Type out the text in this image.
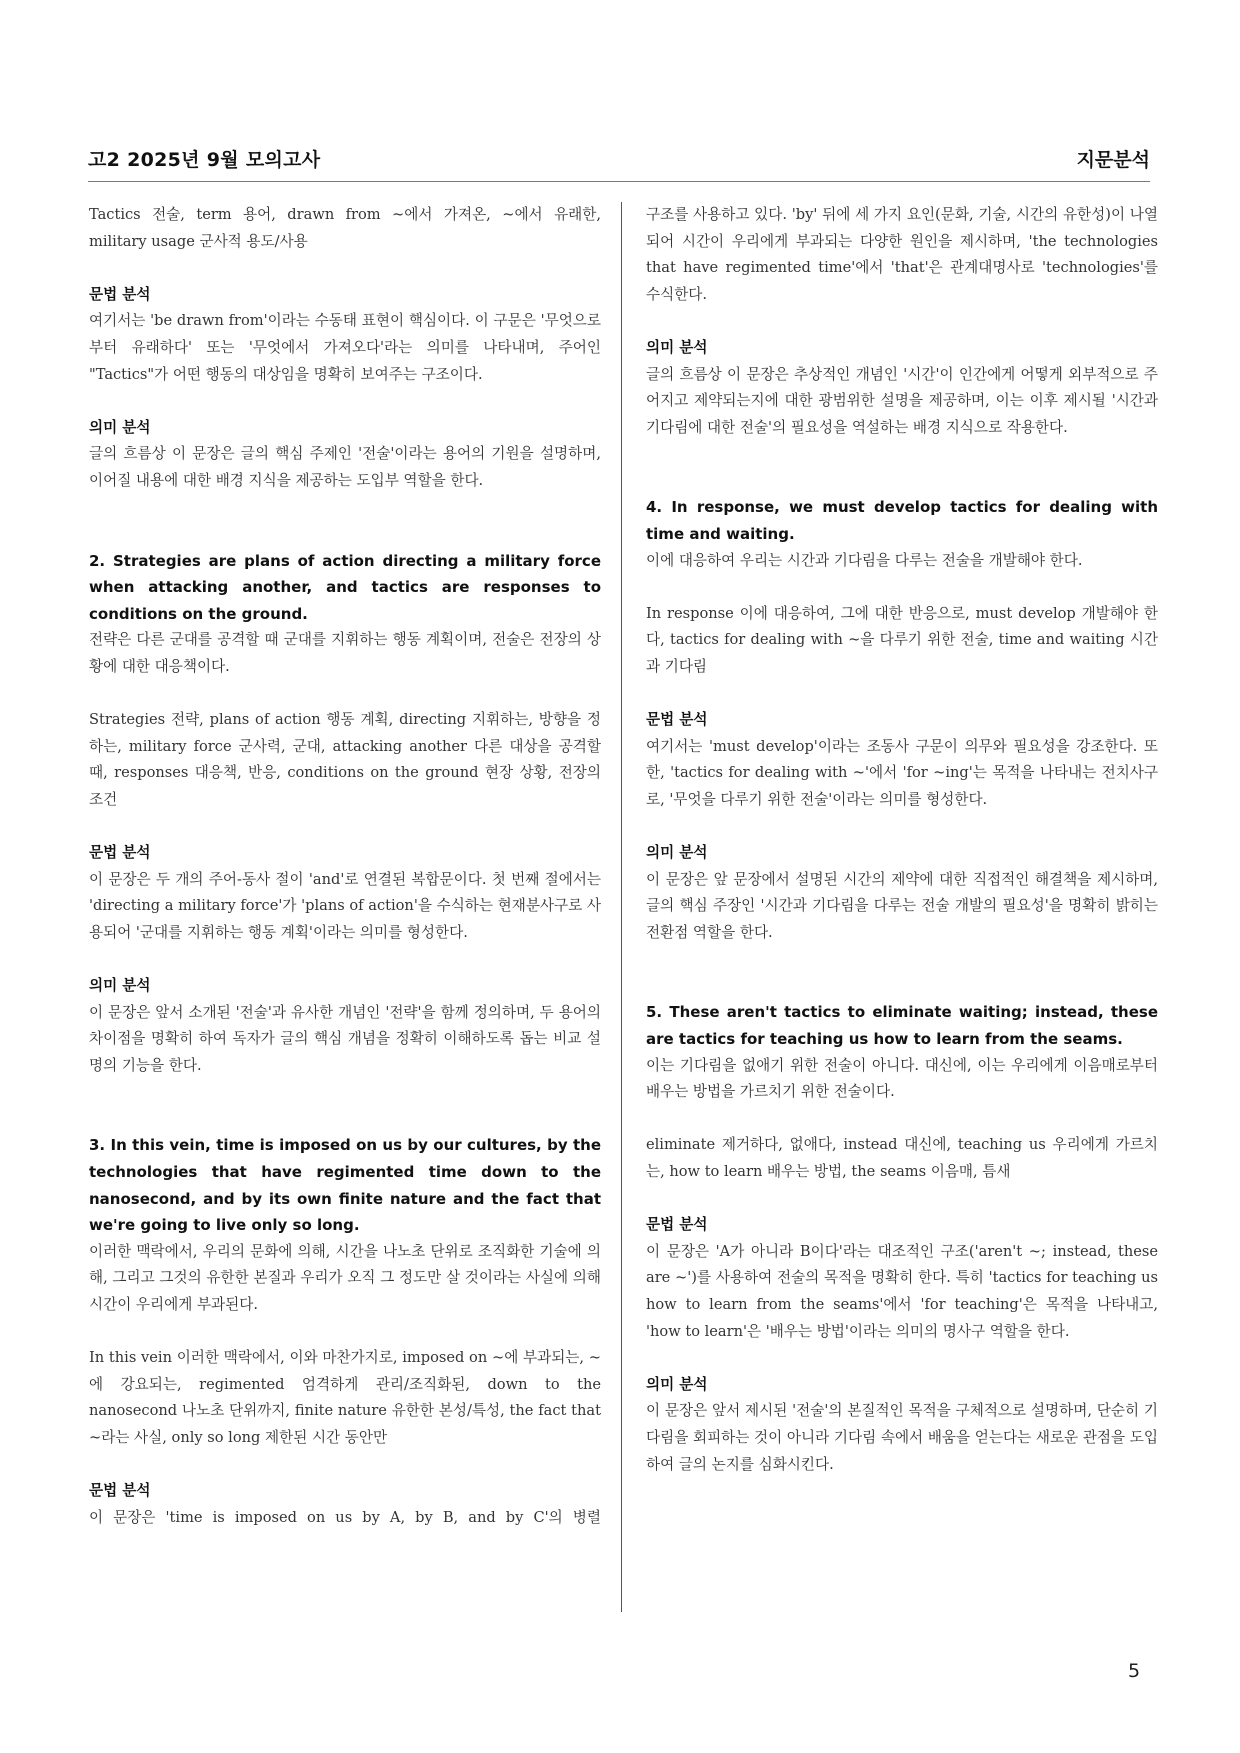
고2 2025년 9월 모의고사	지문분석

Tactics 전술, term 용어, drawn from ~에서 가져온, ~에서 유래한, military usage 군사적 용도/사용

문법 분석

여기서는 'be drawn from'이라는 수동태 표현이 핵심이다. 이 구문은 '무엇으로부터 유래하다' 또는 '무엇에서 가져오다'라는 의미를 나타내며, 주어인 "Tactics"가 어떤 행동의 대상임을 명확히 보여주는 구조이다.

의미 분석

글의 흐름상 이 문장은 글의 핵심 주제인 '전술'이라는 용어의 기원을 설명하며, 이어질 내용에 대한 배경 지식을 제공하는 도입부 역할을 한다.

2. Strategies are plans of action directing a military force when attacking another, and tactics are responses to conditions on the ground.

전략은 다른 군대를 공격할 때 군대를 지휘하는 행동 계획이며, 전술은 전장의 상황에 대한 대응책이다.

Strategies 전략, plans of action 행동 계획, directing 지휘하는, 방향을 정하는, military force 군사력, 군대, attacking another 다른 대상을 공격할 때, responses 대응책, 반응, conditions on the ground 현장 상황, 전장의 조건

문법 분석

이 문장은 두 개의 주어-동사 절이 'and'로 연결된 복합문이다. 첫 번째 절에서는 'directing a military force'가 'plans of action'을 수식하는 현재분사구로 사용되어 '군대를 지휘하는 행동 계획'이라는 의미를 형성한다.

의미 분석

이 문장은 앞서 소개된 '전술'과 유사한 개념인 '전략'을 함께 정의하며, 두 용어의 차이점을 명확히 하여 독자가 글의 핵심 개념을 정확히 이해하도록 돕는 비교 설명의 기능을 한다.

3. In this vein, time is imposed on us by our cultures, by the technologies that have regimented time down to the nanosecond, and by its own finite nature and the fact that we're going to live only so long.

이러한 맥락에서, 우리의 문화에 의해, 시간을 나노초 단위로 조직화한 기술에 의해, 그리고 그것의 유한한 본질과 우리가 오직 그 정도만 살 것이라는 사실에 의해 시간이 우리에게 부과된다.

In this vein 이러한 맥락에서, 이와 마찬가지로, imposed on ~에 부과되는, ~에 강요되는, regimented 엄격하게 관리/조직화된, down to the nanosecond 나노초 단위까지, finite nature 유한한 본성/특성, the fact that ~라는 사실, only so long 제한된 시간 동안만

문법 분석

이 문장은 'time is imposed on us by A, by B, and by C'의 병렬

구조를 사용하고 있다. 'by' 뒤에 세 가지 요인(문화, 기술, 시간의 유한성)이 나열되어 시간이 우리에게 부과되는 다양한 원인을 제시하며, 'the technologies that have regimented time'에서 'that'은 관계대명사로 'technologies'를 수식한다.

의미 분석

글의 흐름상 이 문장은 추상적인 개념인 '시간'이 인간에게 어떻게 외부적으로 주어지고 제약되는지에 대한 광범위한 설명을 제공하며, 이는 이후 제시될 '시간과 기다림에 대한 전술'의 필요성을 역설하는 배경 지식으로 작용한다.

4. In response, we must develop tactics for dealing with time and waiting.

이에 대응하여 우리는 시간과 기다림을 다루는 전술을 개발해야 한다.

In response 이에 대응하여, 그에 대한 반응으로, must develop 개발해야 한다, tactics for dealing with ~을 다루기 위한 전술, time and waiting 시간과 기다림

문법 분석

여기서는 'must develop'이라는 조동사 구문이 의무와 필요성을 강조한다. 또한, 'tactics for dealing with ~'에서 'for ~ing'는 목적을 나타내는 전치사구로, '무엇을 다루기 위한 전술'이라는 의미를 형성한다.

의미 분석

이 문장은 앞 문장에서 설명된 시간의 제약에 대한 직접적인 해결책을 제시하며, 글의 핵심 주장인 '시간과 기다림을 다루는 전술 개발의 필요성'을 명확히 밝히는 전환점 역할을 한다.

5. These aren't tactics to eliminate waiting; instead, these are tactics for teaching us how to learn from the seams.

이는 기다림을 없애기 위한 전술이 아니다. 대신에, 이는 우리에게 이음매로부터 배우는 방법을 가르치기 위한 전술이다.

eliminate 제거하다, 없애다, instead 대신에, teaching us 우리에게 가르치는, how to learn 배우는 방법, the seams 이음매, 틈새

문법 분석

이 문장은 'A가 아니라 B이다'라는 대조적인 구조('aren't ~; instead, these are ~')를 사용하여 전술의 목적을 명확히 한다. 특히 'tactics for teaching us how to learn from the seams'에서 'for teaching'은 목적을 나타내고, 'how to learn'은 '배우는 방법'이라는 의미의 명사구 역할을 한다.

의미 분석

이 문장은 앞서 제시된 '전술'의 본질적인 목적을 구체적으로 설명하며, 단순히 기다림을 회피하는 것이 아니라 기다림 속에서 배움을 얻는다는 새로운 관점을 도입하여 글의 논지를 심화시킨다.

5
